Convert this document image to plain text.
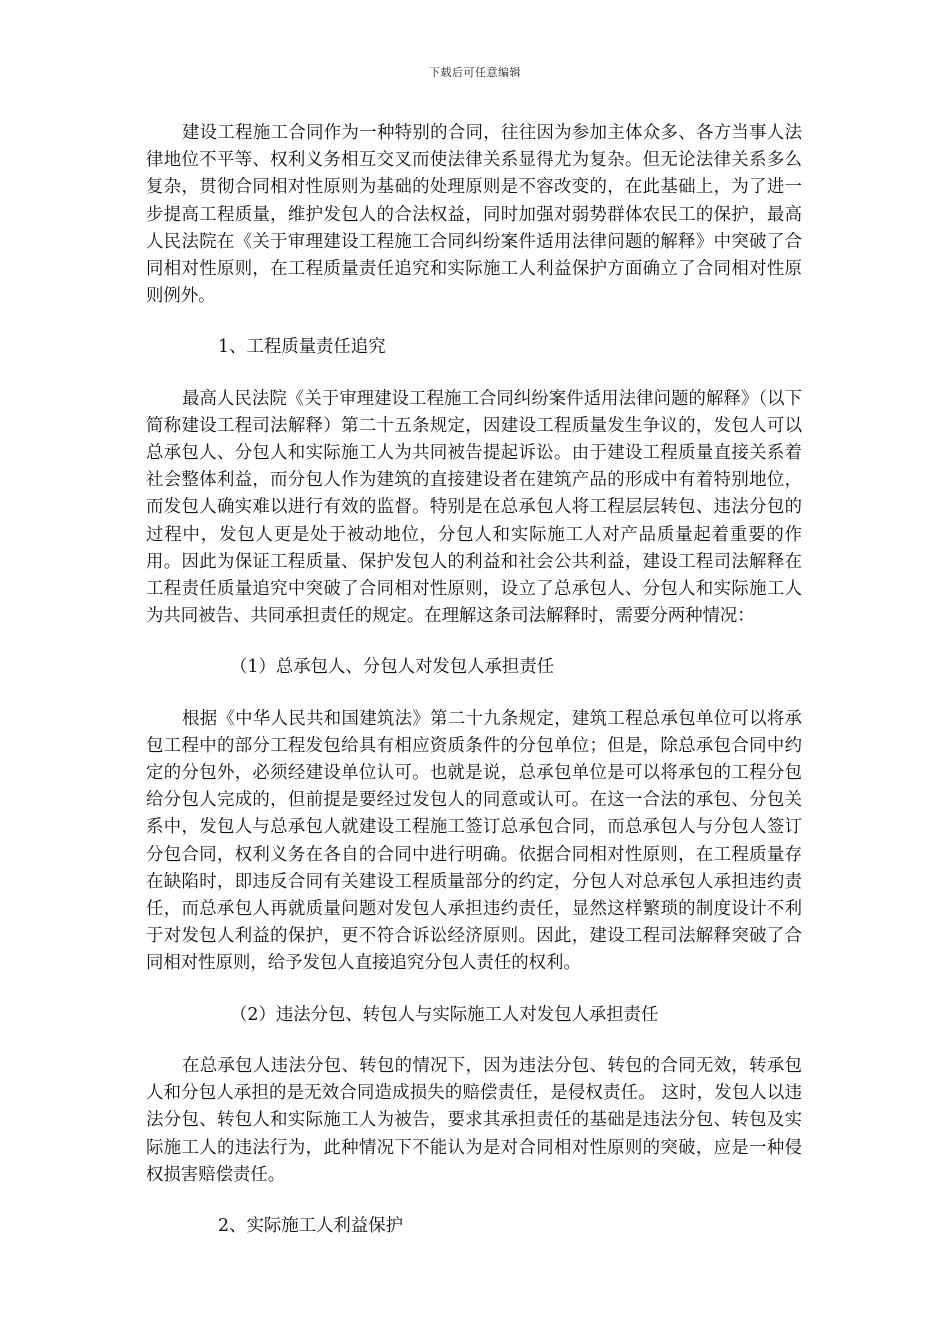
下载后可任意编辑

建设工程施工合同作为一种特别的合同，往往因为参加主体众多、各方当事人法律地位不平等、权利义务相互交叉而使法律关系显得尤为复杂。但无论法律关系多么复杂，贯彻合同相对性原则为基础的处理原则是不容改变的，在此基础上，为了进一步提高工程质量，维护发包人的合法权益，同时加强对弱势群体农民工的保护，最高人民法院在《关于审理建设工程施工合同纠纷案件适用法律问题的解释》中突破了合同相对性原则，在工程质量责任追究和实际施工人利益保护方面确立了合同相对性原则例外。

1、工程质量责任追究

最高人民法院《关于审理建设工程施工合同纠纷案件适用法律问题的解释》（以下简称建设工程司法解释）第二十五条规定，因建设工程质量发生争议的，发包人可以总承包人、分包人和实际施工人为共同被告提起诉讼。由于建设工程质量直接关系着社会整体利益，而分包人作为建筑的直接建设者在建筑产品的形成中有着特别地位，而发包人确实难以进行有效的监督。特别是在总承包人将工程层层转包、违法分包的过程中，发包人更是处于被动地位，分包人和实际施工人对产品质量起着重要的作用。因此为保证工程质量、保护发包人的利益和社会公共利益，建设工程司法解释在工程责任质量追究中突破了合同相对性原则，设立了总承包人、分包人和实际施工人为共同被告、共同承担责任的规定。在理解这条司法解释时，需要分两种情况：

（1）总承包人、分包人对发包人承担责任

根据《中华人民共和国建筑法》第二十九条规定，建筑工程总承包单位可以将承包工程中的部分工程发包给具有相应资质条件的分包单位；但是，除总承包合同中约定的分包外，必须经建设单位认可。也就是说，总承包单位是可以将承包的工程分包给分包人完成的，但前提是要经过发包人的同意或认可。在这一合法的承包、分包关系中，发包人与总承包人就建设工程施工签订总承包合同，而总承包人与分包人签订分包合同，权利义务在各自的合同中进行明确。依据合同相对性原则，在工程质量存在缺陷时，即违反合同有关建设工程质量部分的约定，分包人对总承包人承担违约责任，而总承包人再就质量问题对发包人承担违约责任，显然这样繁琐的制度设计不利于对发包人利益的保护，更不符合诉讼经济原则。因此，建设工程司法解释突破了合同相对性原则，给予发包人直接追究分包人责任的权利。

（2）违法分包、转包人与实际施工人对发包人承担责任

在总承包人违法分包、转包的情况下，因为违法分包、转包的合同无效，转承包人和分包人承担的是无效合同造成损失的赔偿责任，是侵权责任。 这时，发包人以违法分包、转包人和实际施工人为被告，要求其承担责任的基础是违法分包、转包及实际施工人的违法行为，此种情况下不能认为是对合同相对性原则的突破，应是一种侵权损害赔偿责任。

2、实际施工人利益保护
